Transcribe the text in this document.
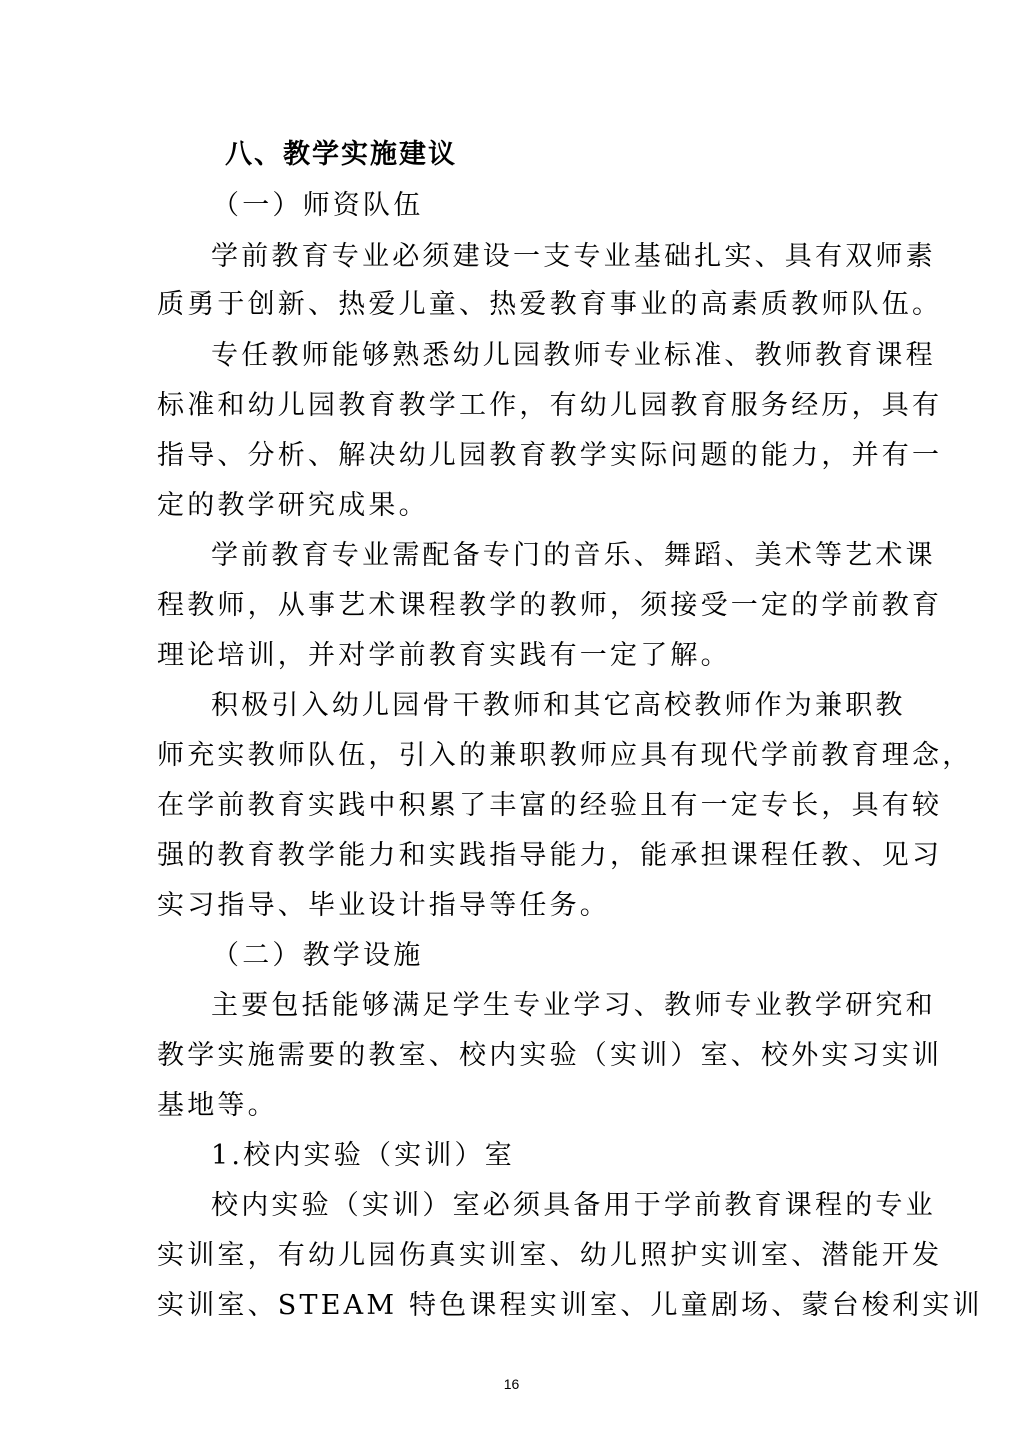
八、教学实施建议
（一）师资队伍
学前教育专业必须建设一支专业基础扎实、具有双师素
质勇于创新、热爱儿童、热爱教育事业的高素质教师队伍。
专任教师能够熟悉幼儿园教师专业标准、教师教育课程
标准和幼儿园教育教学工作，有幼儿园教育服务经历，具有
指导、分析、解决幼儿园教育教学实际问题的能力，并有一
定的教学研究成果。
学前教育专业需配备专门的音乐、舞蹈、美术等艺术课
程教师，从事艺术课程教学的教师，须接受一定的学前教育
理论培训，并对学前教育实践有一定了解。
积极引入幼儿园骨干教师和其它高校教师作为兼职教
师充实教师队伍，引入的兼职教师应具有现代学前教育理念，
在学前教育实践中积累了丰富的经验且有一定专长，具有较
强的教育教学能力和实践指导能力，能承担课程任教、见习
实习指导、毕业设计指导等任务。
（二）教学设施
主要包括能够满足学生专业学习、教师专业教学研究和
教学实施需要的教室、校内实验（实训）室、校外实习实训
基地等。
1.校内实验（实训）室
校内实验（实训）室必须具备用于学前教育课程的专业
实训室，有幼儿园伤真实训室、幼儿照护实训室、潜能开发
实训室、STEAM 特色课程实训室、儿童剧场、蒙台梭利实训
16
